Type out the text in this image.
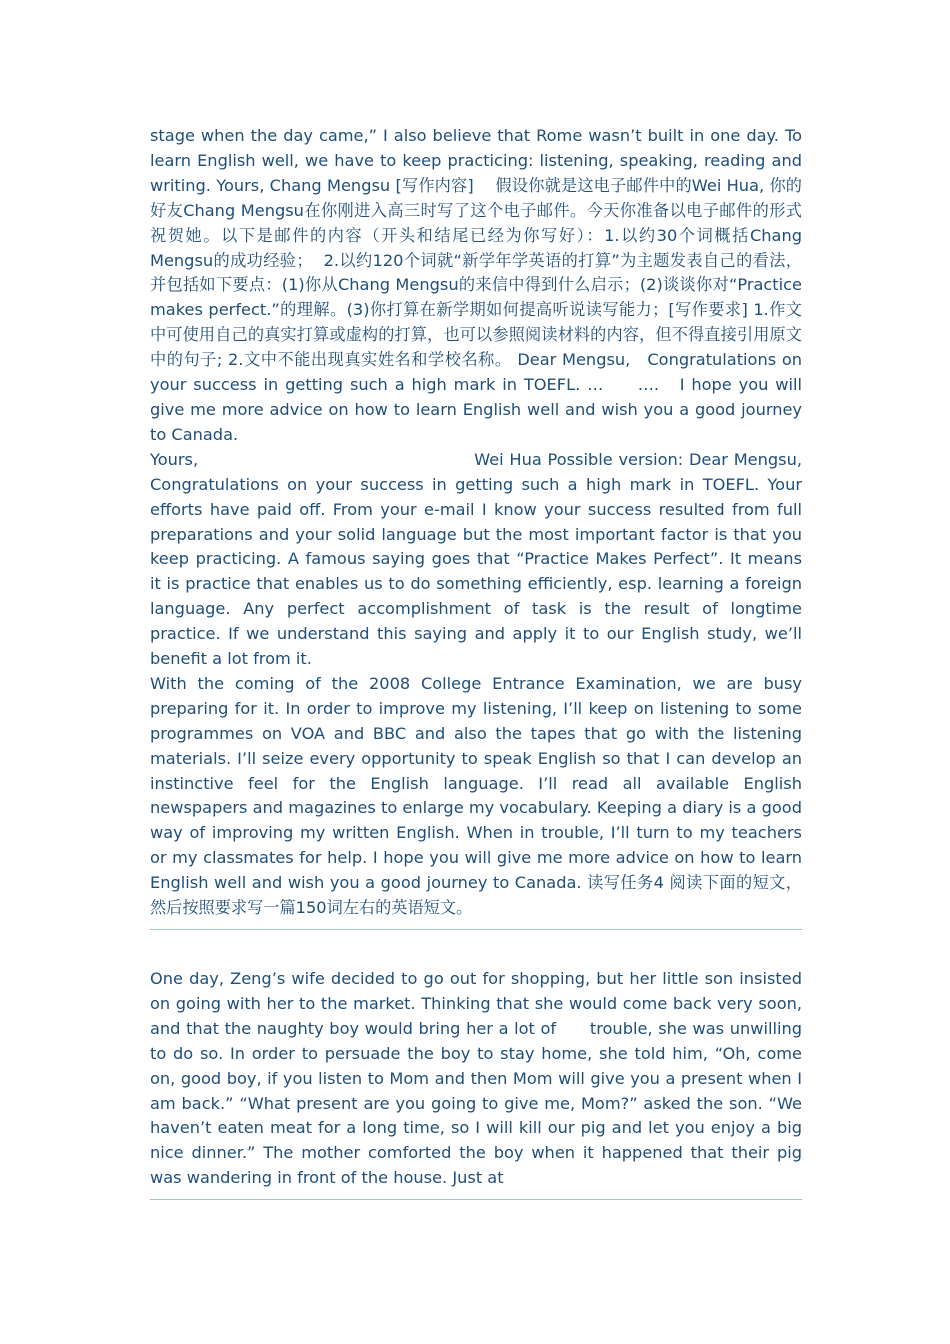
stage when the day came,” I also believe that Rome wasn’t built in one day. To learn English well, we have to keep practicing: listening, speaking, reading and writing. Yours, Chang Mengsu [写作内容]　 假设你就是这电子邮件中的Wei Hua, 你的好友Chang Mengsu在你刚进入高三时写了这个电子邮件。今天你准备以电子邮件的形式祝贺她。以下是邮件的内容（开头和结尾已经为你写好）：1.以约30个词概括Chang Mengsu的成功经验；  2.以约120个词就“新学年学英语的打算”为主题发表自己的看法，并包括如下要点：(1)你从Chang Mengsu的来信中得到什么启示；(2)谈谈你对“Practice makes perfect.”的理解。(3)你打算在新学期如何提高听说读写能力；[写作要求] 1.作文中可使用自己的真实打算或虚构的打算，也可以参照阅读材料的内容，但不得直接引用原文中的句子; 2.文中不能出现真实姓名和学校名称。 Dear Mengsu,   Congratulations on your success in getting such a high mark in TOEFL. …     ….   I hope you will give me more advice on how to learn English well and wish you a good journey to Canada.
Yours,                                                Wei Hua Possible version: Dear Mengsu, Congratulations on your success in getting such a high mark in TOEFL. Your efforts have paid off. From your e-mail I know your success resulted from full preparations and your solid language but the most important factor is that you keep practicing. A famous saying goes that “Practice Makes Perfect”. It means it is practice that enables us to do something efficiently, esp. learning a foreign language. Any perfect accomplishment of task is the result of longtime practice. If we understand this saying and apply it to our English study, we’ll benefit a lot from it.
With the coming of the 2008 College Entrance Examination, we are busy preparing for it. In order to improve my listening, I’ll keep on listening to some programmes on VOA and BBC and also the tapes that go with the listening materials. I’ll seize every opportunity to speak English so that I can develop an instinctive feel for the English language. I’ll read all available English newspapers and magazines to enlarge my vocabulary. Keeping a diary is a good way of improving my written English. When in trouble, I’ll turn to my teachers or my classmates for help. I hope you will give me more advice on how to learn English well and wish you a good journey to Canada. 读写任务4 阅读下面的短文，然后按照要求写一篇150词左右的英语短文。
One day, Zeng’s wife decided to go out for shopping, but her little son insisted on going with her to the market. Thinking that she would come back very soon, and that the naughty boy would bring her a lot of      trouble, she was unwilling to do so. In order to persuade the boy to stay home, she told him, “Oh, come on, good boy, if you listen to Mom and then Mom will give you a present when I am back.” “What present are you going to give me, Mom?” asked the son. “We haven’t eaten meat for a long time, so I will kill our pig and let you enjoy a big nice dinner.” The mother comforted the boy when it happened that their pig was wandering in front of the house. Just at
